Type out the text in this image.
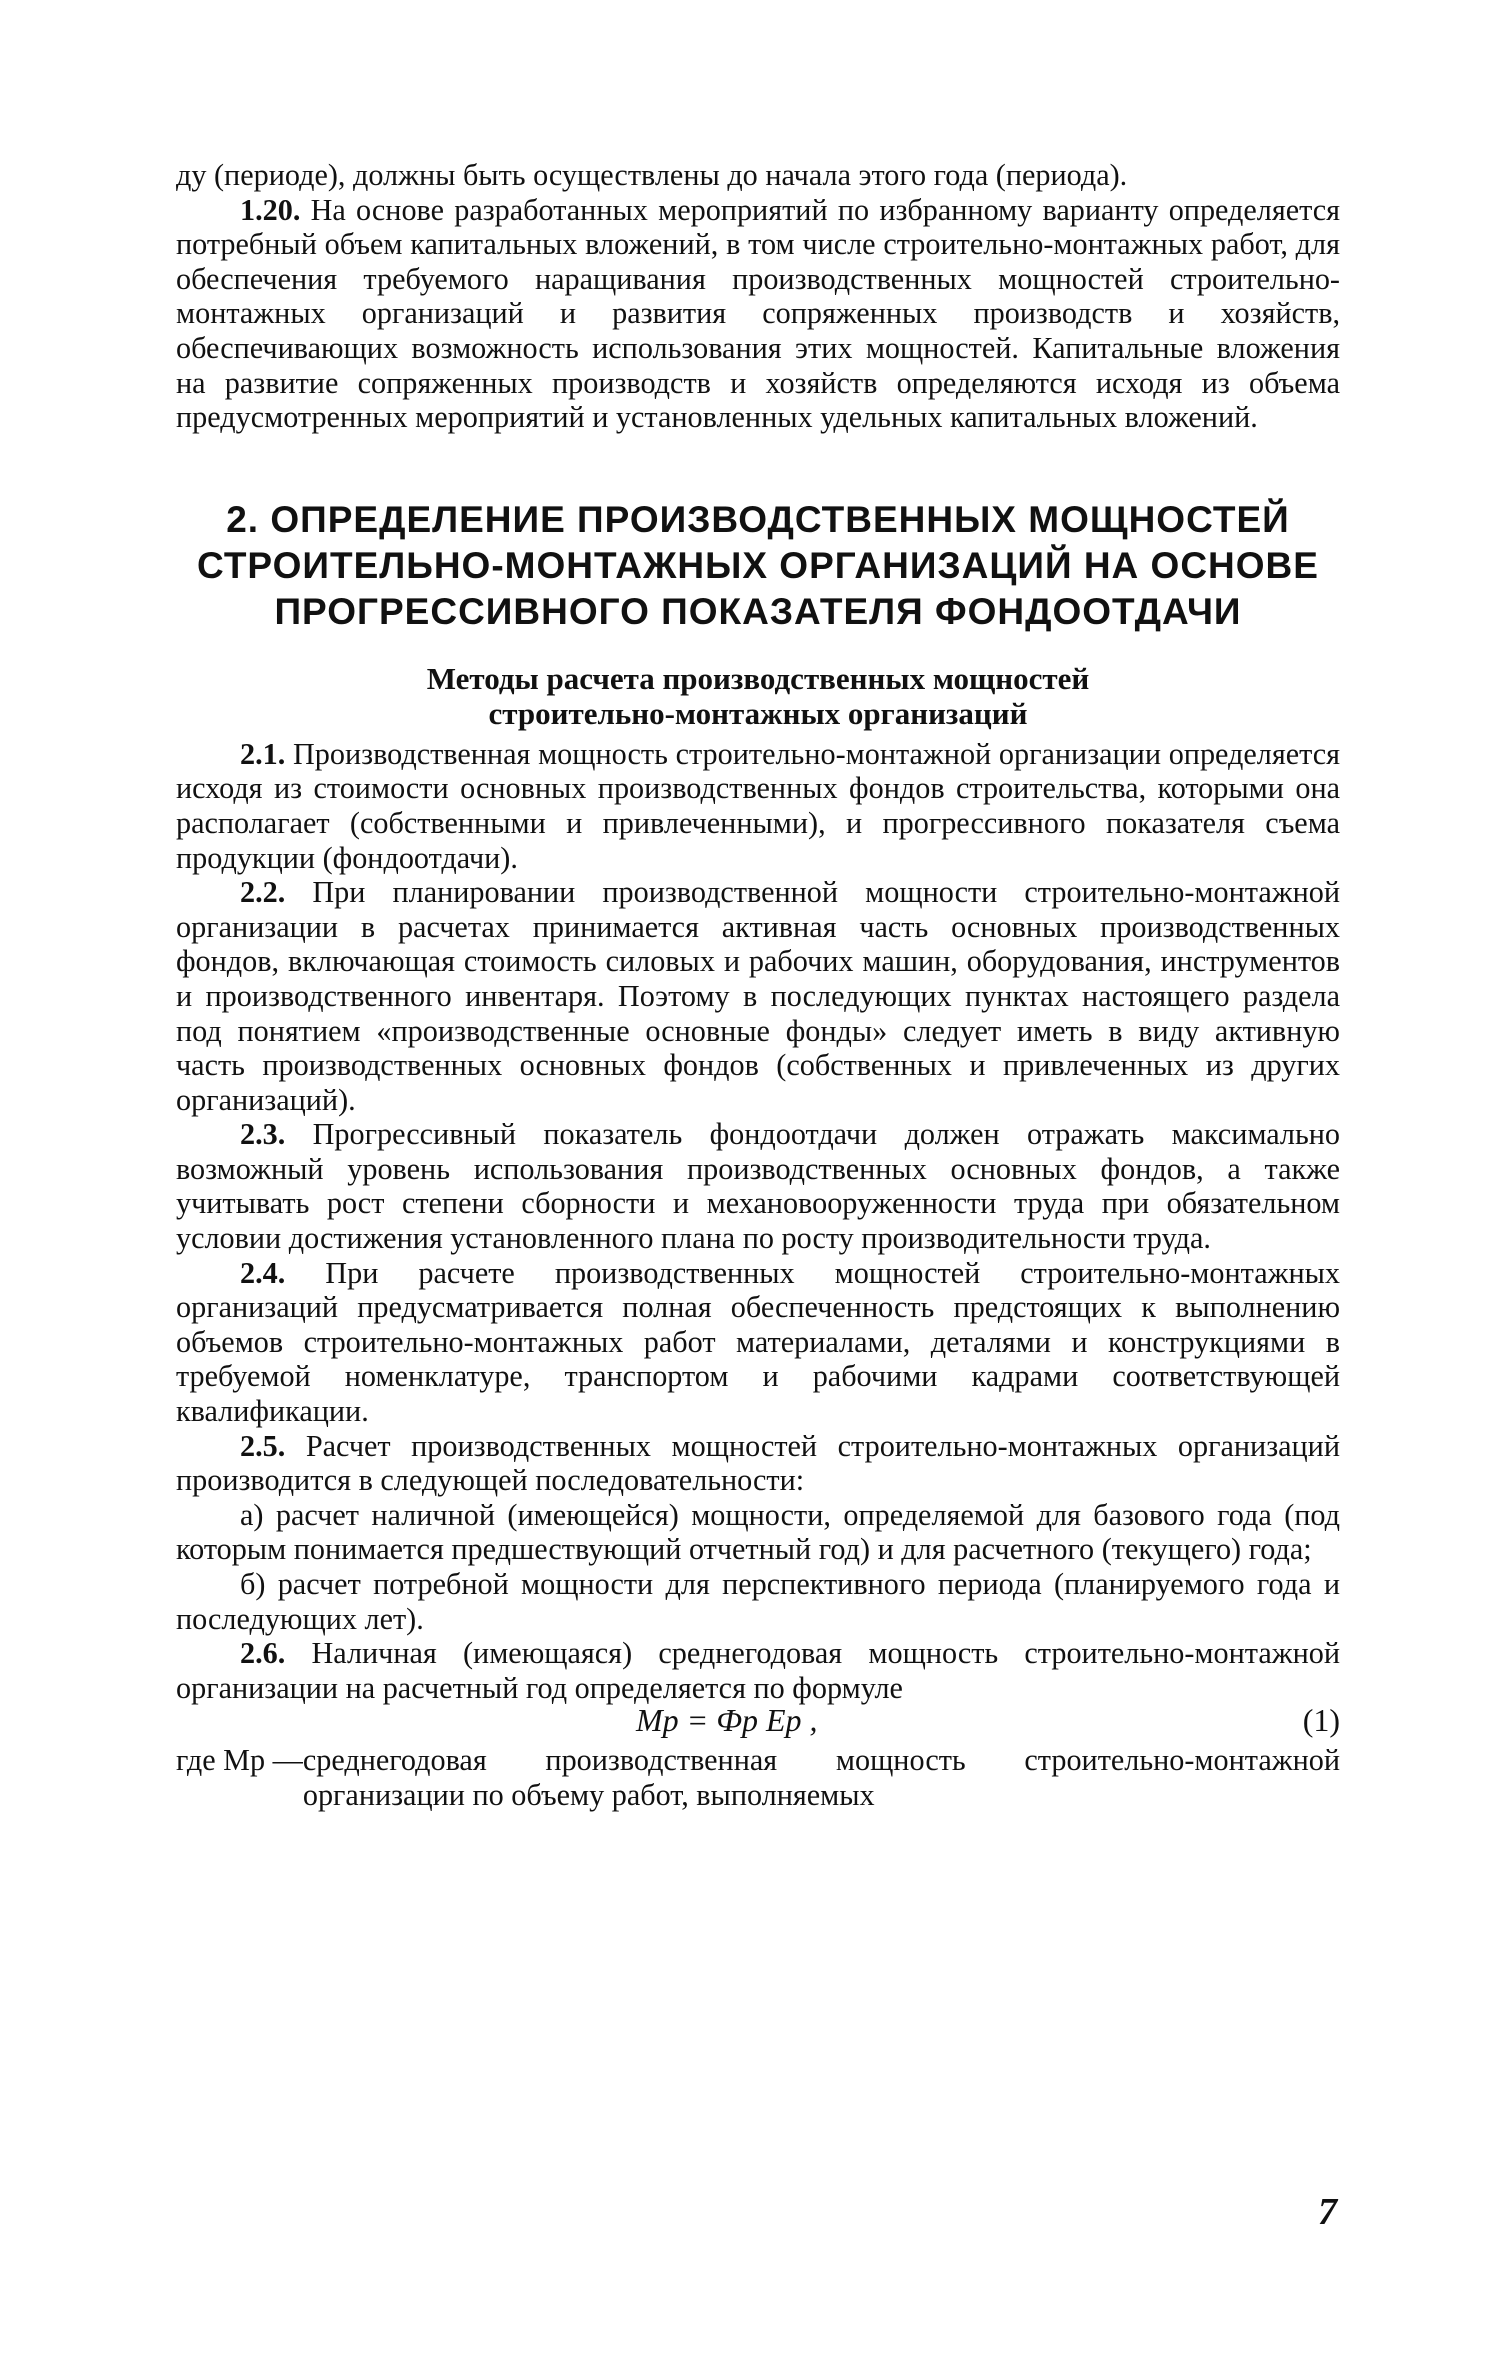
ду (периоде), должны быть осуществлены до начала этого года (периода).

1.20. На основе разработанных мероприятий по избранному варианту определяется потребный объем капитальных вложений, в том числе строительно-монтажных работ, для обеспечения требуемого наращивания производственных мощностей строительно-монтажных организаций и развития сопряженных производств и хозяйств, обеспечивающих возможность использования этих мощностей. Капитальные вложения на развитие сопряженных производств и хозяйств определяются исходя из объема предусмотренных мероприятий и установленных удельных капитальных вложений.

2. ОПРЕДЕЛЕНИЕ ПРОИЗВОДСТВЕННЫХ МОЩНОСТЕЙ
СТРОИТЕЛЬНО-МОНТАЖНЫХ ОРГАНИЗАЦИЙ НА ОСНОВЕ
ПРОГРЕССИВНОГО ПОКАЗАТЕЛЯ ФОНДООТДАЧИ
Методы расчета производственных мощностей
строительно-монтажных организаций

2.1. Производственная мощность строительно-монтажной организации определяется исходя из стоимости основных производственных фондов строительства, которыми она располагает (собственными и привлеченными), и прогрессивного показателя съема продукции (фондоотдачи).

2.2. При планировании производственной мощности строительно-монтажной организации в расчетах принимается активная часть основных производственных фондов, включающая стоимость силовых и рабочих машин, оборудования, инструментов и производственного инвентаря. Поэтому в последующих пунктах настоящего раздела под понятием «производственные основные фонды» следует иметь в виду активную часть производственных основных фондов (собственных и привлеченных из других организаций).

2.3. Прогрессивный показатель фондоотдачи должен отражать максимально возможный уровень использования производственных основных фондов, а также учитывать рост степени сборности и механовооруженности труда при обязательном условии достижения установленного плана по росту производительности труда.

2.4. При расчете производственных мощностей строительно-монтажных организаций предусматривается полная обеспеченность предстоящих к выполнению объемов строительно-монтажных работ материалами, деталями и конструкциями в требуемой номенклатуре, транспортом и рабочими кадрами соответствующей квалификации.

2.5. Расчет производственных мощностей строительно-монтажных организаций производится в следующей последовательности:

а) расчет наличной (имеющейся) мощности, определяемой для базового года (под которым понимается предшествующий отчетный год) и для расчетного (текущего) года;

б) расчет потребной мощности для перспективного периода (планируемого года и последующих лет).

2.6. Наличная (имеющаяся) среднегодовая мощность строительно-монтажной организации на расчетный год определяется по формуле

Mр = Фр Eр ,	(1)
где Mр — среднегодовая производственная мощность строительно-монтажной организации по объему работ, выполняемых
7
